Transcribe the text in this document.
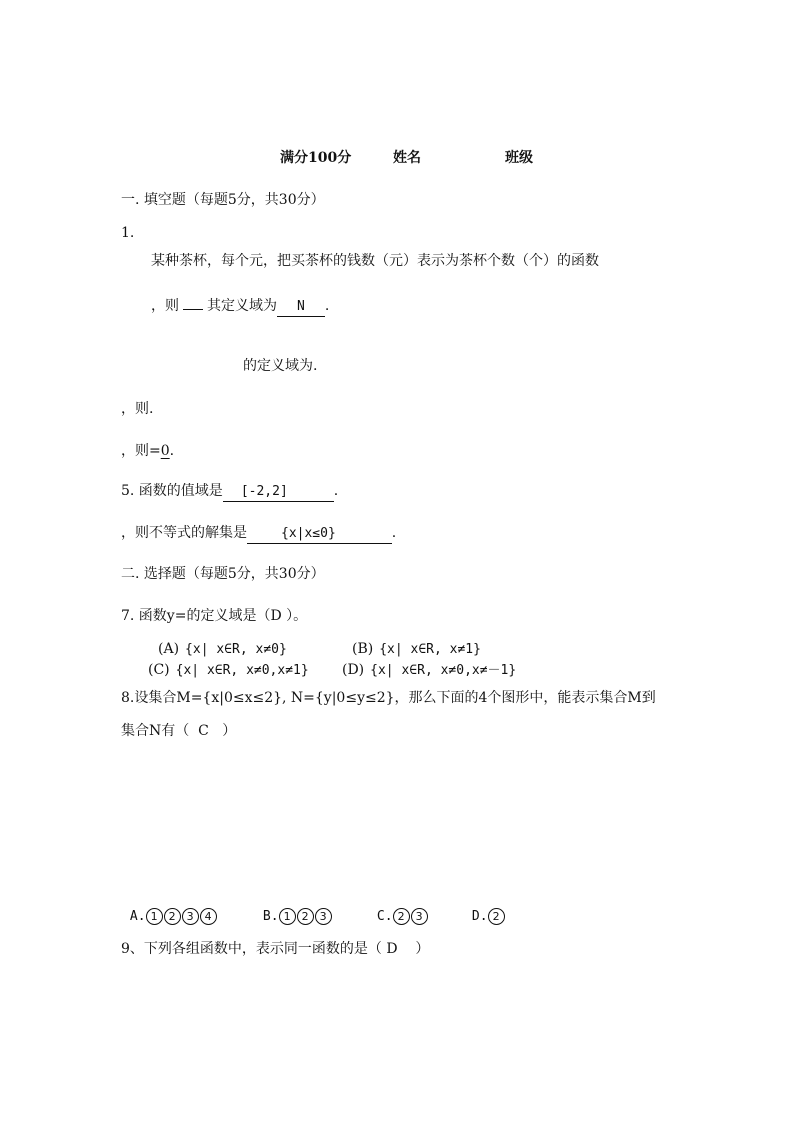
满分100分	姓名	班级
一. 填空题（每题5分，共30分）
1.
某种茶杯，每个元，把买茶杯的钱数（元）表示为茶杯个数（个）的函数
，则 其定义域为 N .
的定义域为.
，则.
，则=0.
5. 函数的值域是 [-2,2]	.
，则不等式的解集是	{x|x≤0}	.
二. 选择题（每题5分，共30分）
7. 函数y=的定义域是（D ）。
(A) {x| x∈R, x≠0}	(B) {x| x∈R, x≠1}
(C) {x| x∈R, x≠0,x≠1} (D) {x| x∈R, x≠0,x≠－1}
8.设集合M={x|0≤x≤2}, N={y|0≤y≤2}，那么下面的4个图形中，能表示集合M到
集合N有（  C   ）

A. 1 2 3 4	B. 1 2 3	C. 2 3	D. 2

9、下列各组函数中，表示同一函数的是（ D    ）
